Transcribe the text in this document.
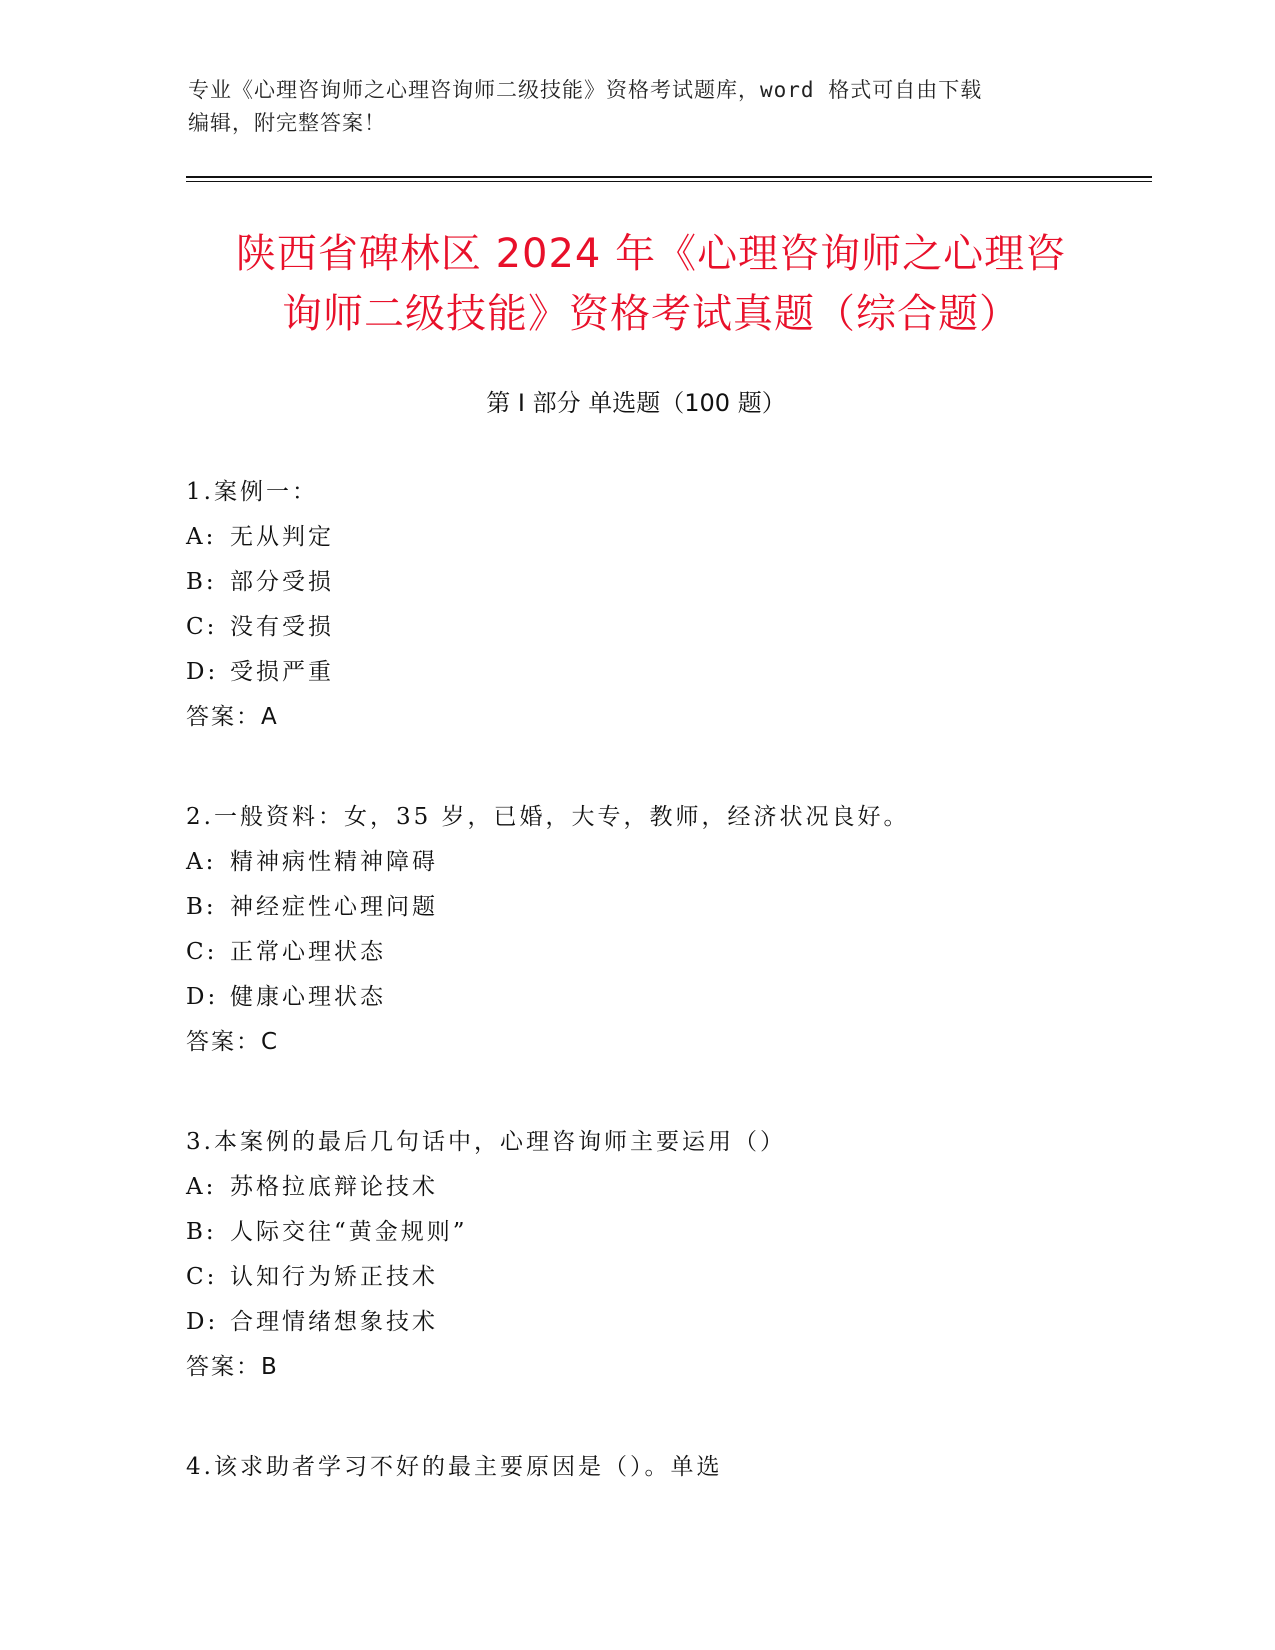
专业《心理咨询师之心理咨询师二级技能》资格考试题库，word 格式可自由下载
编辑，附完整答案！
陕西省碑林区 2024 年《心理咨询师之心理咨
询师二级技能》资格考试真题（综合题）
第 I 部分 单选题（100 题）
1.案例一：
A: 无从判定
B: 部分受损
C: 没有受损
D: 受损严重
答案：A
2.一般资料：女，35 岁，已婚，大专，教师，经济状况良好。
A: 精神病性精神障碍
B: 神经症性心理问题
C: 正常心理状态
D: 健康心理状态
答案：C
3.本案例的最后几句话中，心理咨询师主要运用（）
A: 苏格拉底辩论技术
B: 人际交往“黄金规则”
C: 认知行为矫正技术
D: 合理情绪想象技术
答案：B
4.该求助者学习不好的最主要原因是（）。单选
